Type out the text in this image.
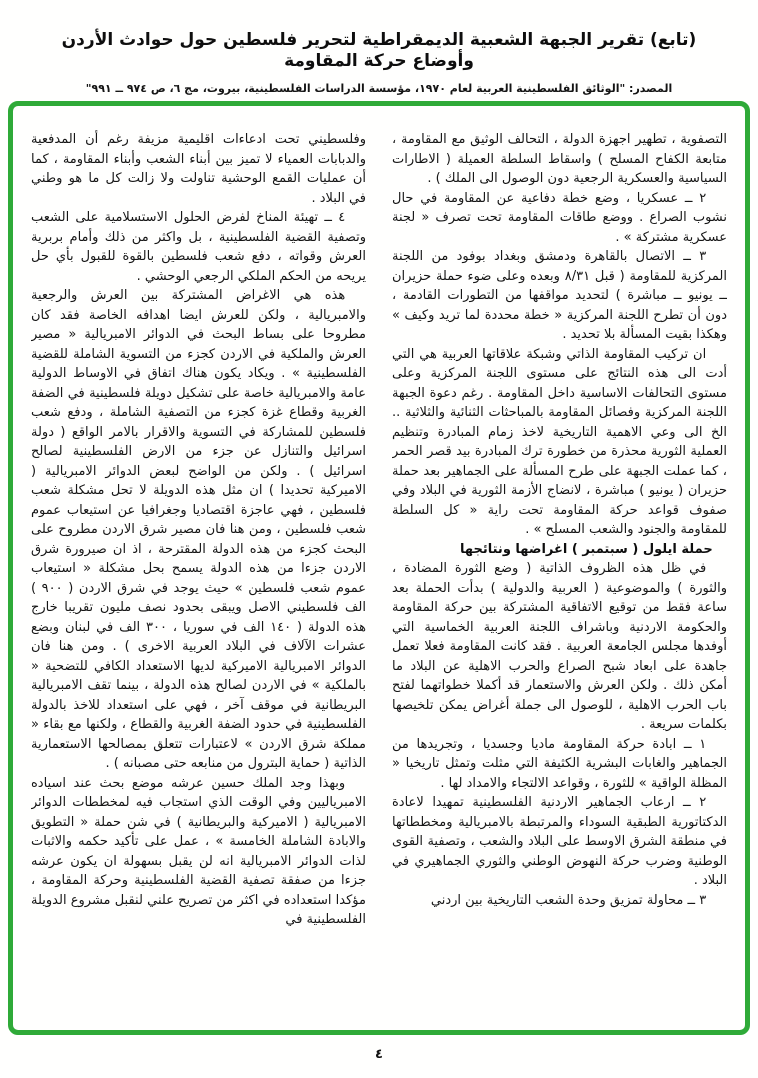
(تابع) تقرير الجبهة الشعبية الديمقراطية لتحرير فلسطين حول حوادث الأردن وأوضاع حركة المقاومة
المصدر: "الوثائق الفلسطينية العربية لعام ١٩٧٠، مؤسسة الدراسات الفلسطينية، بيروت، مج ٦، ص ٩٧٤ ــ ٩٩١"

التصفوية ، تطهير اجهزة الدولة ، التحالف الوثيق مع المقاومة ، متابعة الكفاح المسلح ) واسقاط السلطة العميلة ( الاطارات السياسية والعسكرية الرجعية دون الوصول الى الملك ) .

٢ ــ عسكريا ، وضع خطة دفاعية عن المقاومة في حال نشوب الصراع . ووضع طاقات المقاومة تحت تصرف « لجنة عسكرية مشتركة » .

٣ ــ الاتصال بالقاهرة ودمشق وبغداد بوفود من اللجنة المركزية للمقاومة ( قبل ٨/٣١ وبعده وعلى ضوء حملة حزيران ــ يونيو ــ مباشرة ) لتحديد مواقفها من التطورات القادمة ، دون أن تطرح اللجنة المركزية « خطة محددة لما تريد وكيف » وهكذا بقيت المسألة بلا تحديد .

ان تركيب المقاومة الذاتي وشبكة علاقاتها العربية هي التي أدت الى هذه النتائج على مستوى اللجنة المركزية وعلى مستوى التحالفات الاساسية داخل المقاومة . رغم دعوة الجبهة اللجنة المركزية وفصائل المقاومة بالمباحثات الثنائية والثلاثية .. الخ الى وعي الاهمية التاريخية لاخذ زمام المبادرة وتنظيم العملية الثورية محذرة من خطورة ترك المبادرة بيد قصر الحمر ، كما عملت الجبهة على طرح المسألة على الجماهير بعد حملة حزيران ( يونيو ) مباشرة ، لانضاج الأزمة الثورية في البلاد وفي صفوف قواعد حركة المقاومة تحت راية « كل السلطة للمقاومة والجنود والشعب المسلح » .

حملة ايلول ( سبتمبر ) اغراضها ونتائجها

في ظل هذه الظروف الذاتية ( وضع الثورة المضادة ، والثورة ) والموضوعية ( العربية والدولية ) بدأت الحملة بعد ساعة فقط من توقيع الاتفاقية المشتركة بين حركة المقاومة والحكومة الاردنية وباشراف اللجنة العربية الخماسية التي أوفدها مجلس الجامعة العربية . فقد كانت المقاومة فعلا تعمل جاهدة على ابعاد شبح الصراع والحرب الاهلية عن البلاد ما أمكن ذلك . ولكن العرش والاستعمار قد أكملا خطواتهما لفتح باب الحرب الاهلية ، للوصول الى جملة أغراض يمكن تلخيصها بكلمات سريعة .

١ ــ ابادة حركة المقاومة ماديا وجسديا ، وتجريدها من الجماهير والغابات البشرية الكثيفة التي مثلت وتمثل تاريخيا « المظلة الواقية » للثورة ، وقواعد الالتجاء والامداد لها .

٢ ــ ارعاب الجماهير الاردنية الفلسطينية تمهيدا لاعادة الدكتاتورية الطبقية السوداء والمرتبطة بالامبريالية ومخططاتها في منطقة الشرق الاوسط على البلاد والشعب ، وتصفية القوى الوطنية وضرب حركة النهوض الوطني والثوري الجماهيري في البلاد .

٣ ــ محاولة تمزيق وحدة الشعب التاريخية بين اردني

وفلسطيني تحت ادعاءات اقليمية مزيفة رغم أن المدفعية والدبابات العمياء لا تميز بين أبناء الشعب وأبناء المقاومة ، كما أن عمليات القمع الوحشية تناولت ولا زالت كل ما هو وطني في البلاد .

٤ ــ تهيئة المناخ لفرض الحلول الاستسلامية على الشعب وتصفية القضية الفلسطينية ، بل واكثر من ذلك وأمام بربرية العرش وقواته ، دفع شعب فلسطين بالقوة للقبول بأي حل يريحه من الحكم الملكي الرجعي الوحشي .

هذه هي الاغراض المشتركة بين العرش والرجعية والامبريالية ، ولكن للعرش ايضا اهدافه الخاصة فقد كان مطروحا على بساط البحث في الدوائر الامبريالية « مصير العرش والملكية في الاردن كجزء من التسوية الشاملة للقضية الفلسطينية » . ويكاد يكون هناك اتفاق في الاوساط الدولية عامة والامبريالية خاصة على تشكيل دويلة فلسطينية في الضفة الغربية وقطاع غزة كجزء من التصفية الشاملة ، ودفع شعب فلسطين للمشاركة في التسوية والاقرار بالامر الواقع ( دولة اسرائيل والتنازل عن جزء من الارض الفلسطينية لصالح اسرائيل ) . ولكن من الواضح لبعض الدوائر الامبريالية ( الاميركية تحديدا ) ان مثل هذه الدويلة لا تحل مشكلة شعب فلسطين ، فهي عاجزة اقتصاديا وجغرافيا عن استيعاب عموم شعب فلسطين ، ومن هنا فان مصير شرق الاردن مطروح على البحث كجزء من هذه الدولة المقترحة ، اذ ان صيرورة شرق الاردن جزءا من هذه الدولة يسمح بحل مشكلة « استيعاب عموم شعب فلسطين » حيث يوجد في شرق الاردن ( ٩٠٠ ) الف فلسطيني الاصل ويبقى بحدود نصف مليون تقريبا خارج هذه الدولة ( ١٤٠ الف في سوريا ، ٣٠٠ الف في لبنان وبضع عشرات الآلاف في البلاد العربية الاخرى ) . ومن هنا فان الدوائر الامبريالية الاميركية لديها الاستعداد الكافي للتضحية « بالملكية » في الاردن لصالح هذه الدولة ، بينما تقف الامبريالية البريطانية في موقف آخر ، فهي على استعداد للاخذ بالدولة الفلسطينية في حدود الضفة الغربية والقطاع ، ولكنها مع بقاء « مملكة شرق الاردن » لاعتبارات تتعلق بمصالحها الاستعمارية الذاتية ( حماية البترول من منابعه حتى مصبانه ) .

وبهذا وجد الملك حسين عرشه موضع بحث عند اسياده الامبرياليين وفي الوقت الذي استجاب فيه لمخططات الدوائر الامبريالية ( الاميركية والبريطانية ) في شن حملة « التطويق والابادة الشاملة الخامسة » ، عمل على تأكيد حكمه والاثبات لذات الدوائر الامبريالية انه لن يقبل بسهولة ان يكون عرشه جزءا من صفقة تصفية القضية الفلسطينية وحركة المقاومة ، مؤكدا استعداده في اكثر من تصريح علني لنقبل مشروع الدويلة الفلسطينية في

٤
